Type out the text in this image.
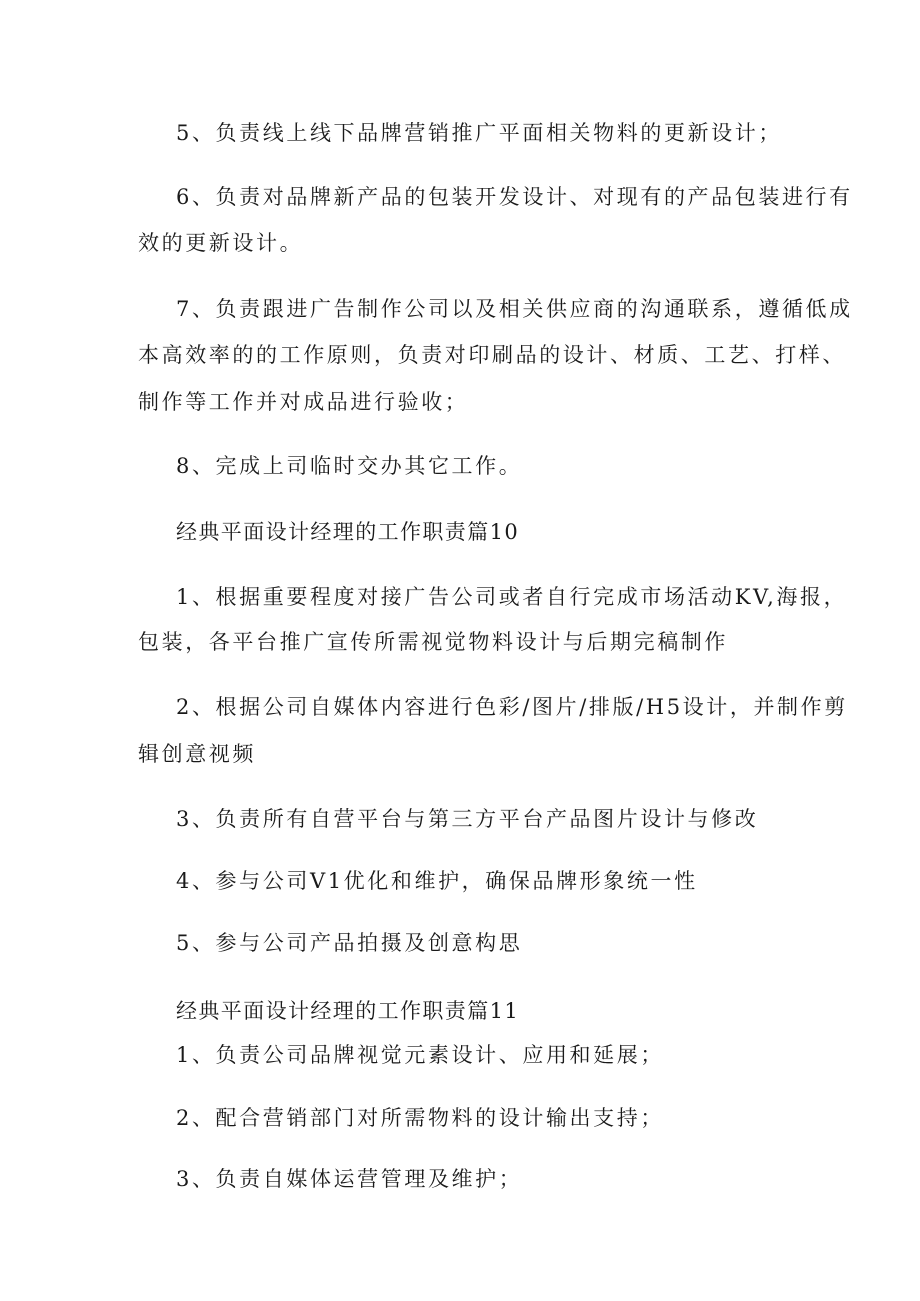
5、负责线上线下品牌营销推广平面相关物料的更新设计；
6、负责对品牌新产品的包装开发设计、对现有的产品包装进行有
效的更新设计。
7、负责跟进广告制作公司以及相关供应商的沟通联系，遵循低成
本高效率的的工作原则，负责对印刷品的设计、材质、工艺、打样、
制作等工作并对成品进行验收；
8、完成上司临时交办其它工作。
经典平面设计经理的工作职责篇10
1、根据重要程度对接广告公司或者自行完成市场活动KV,海报，
包装，各平台推广宣传所需视觉物料设计与后期完稿制作
2、根据公司自媒体内容进行色彩/图片/排版/H5设计，并制作剪
辑创意视频
3、负责所有自营平台与第三方平台产品图片设计与修改
4、参与公司V1优化和维护，确保品牌形象统一性
5、参与公司产品拍摄及创意构思
经典平面设计经理的工作职责篇11
1、负责公司品牌视觉元素设计、应用和延展；
2、配合营销部门对所需物料的设计输出支持；
3、负责自媒体运营管理及维护；
